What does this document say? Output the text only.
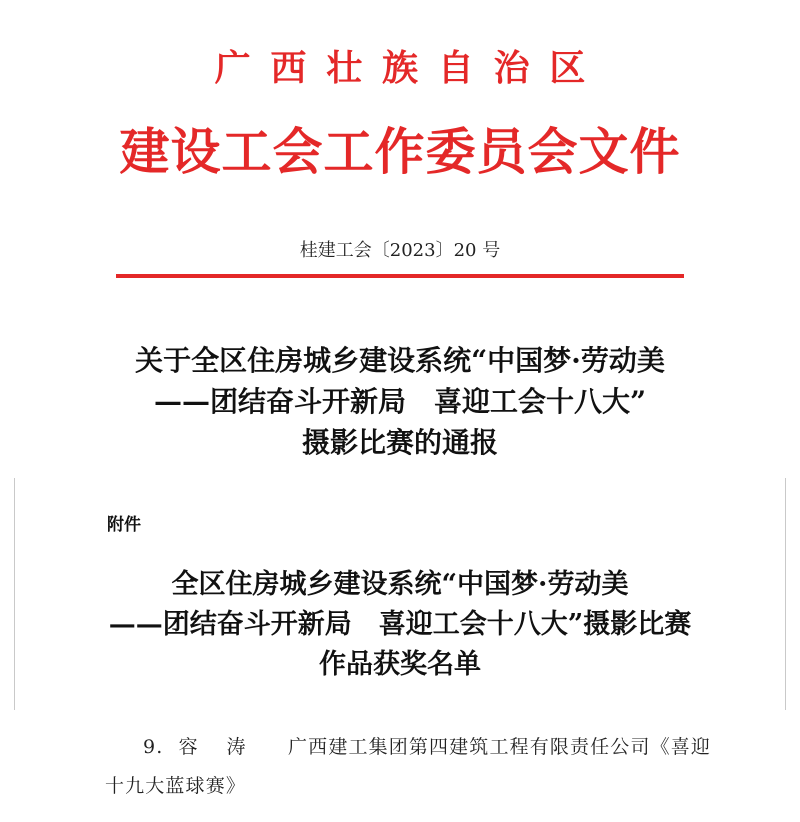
广西壮族自治区
建设工会工作委员会文件
桂建工会〔2023〕20 号
关于全区住房城乡建设系统“中国梦·劳动美
——团结奋斗开新局　喜迎工会十八大”
摄影比赛的通报
附件
全区住房城乡建设系统“中国梦·劳动美
——团结奋斗开新局　喜迎工会十八大”摄影比赛
作品获奖名单
9. 容 涛 广西建工集团第四建筑工程有限责任公司《喜迎
十九大蓝球赛》
